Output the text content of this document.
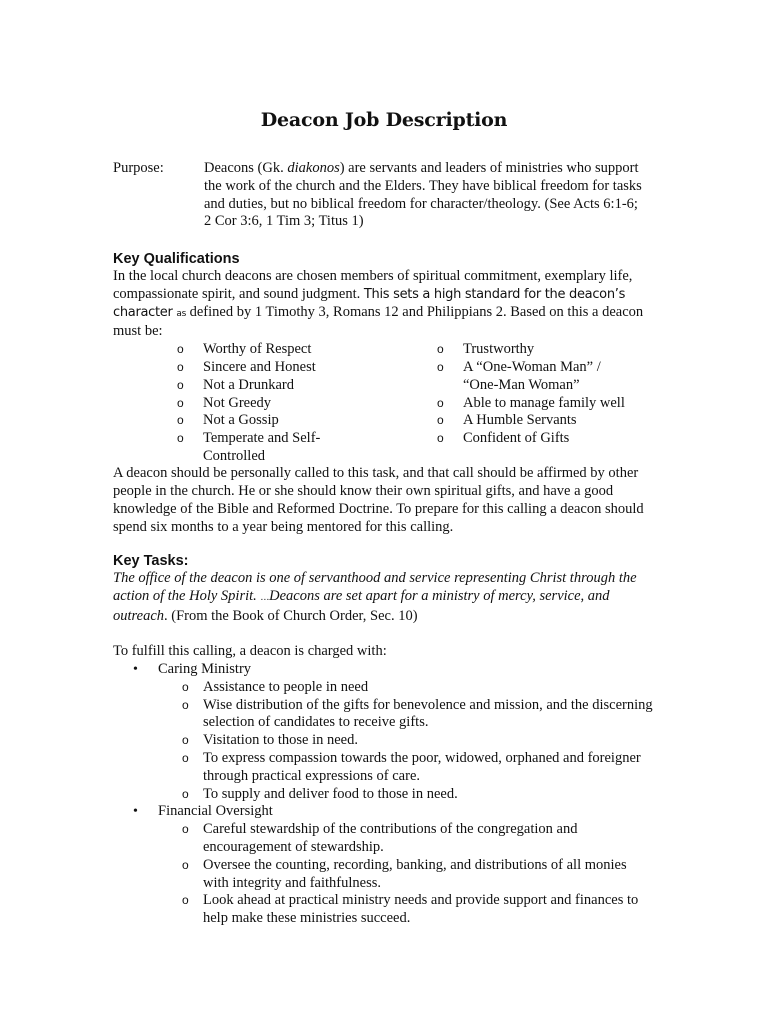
Deacon Job Description
Purpose:	Deacons (Gk. diakonos) are servants and leaders of ministries who support the work of the church and the Elders. They have biblical freedom for tasks and duties, but no biblical freedom for character/theology. (See Acts 6:1-6; 2 Cor 3:6, 1 Tim 3; Titus 1)
Key Qualifications

In the local church deacons are chosen members of spiritual commitment, exemplary life, compassionate spirit, and sound judgment. This sets a high standard for the deacon’s character as defined by 1 Timothy 3, Romans 12 and Philippians 2. Based on this a deacon must be:

o Worthy of Respect
o Sincere and Honest
o Not a Drunkard
o Not Greedy
o Not a Gossip
o Temperate and Self-Controlled
o Trustworthy
o A “One-Woman Man” / “One-Man Woman”
o Able to manage family well
o A Humble Servants
o Confident of Gifts

A deacon should be personally called to this task, and that call should be affirmed by other people in the church. He or she should know their own spiritual gifts, and have a good knowledge of the Bible and Reformed Doctrine. To prepare for this calling a deacon should spend six months to a year being mentored for this calling.

Key Tasks:

The office of the deacon is one of servanthood and service representing Christ through the action of the Holy Spirit. …Deacons are set apart for a ministry of mercy, service, and outreach. (From the Book of Church Order, Sec. 10)

To fulfill this calling, a deacon is charged with:

• Caring Ministry
o Assistance to people in need
o Wise distribution of the gifts for benevolence and mission, and the discerning selection of candidates to receive gifts.
o Visitation to those in need.
o To express compassion towards the poor, widowed, orphaned and foreigner through practical expressions of care.
o To supply and deliver food to those in need.
• Financial Oversight
o Careful stewardship of the contributions of the congregation and encouragement of stewardship.
o Oversee the counting, recording, banking, and distributions of all monies with integrity and faithfulness.
o Look ahead at practical ministry needs and provide support and finances to help make these ministries succeed.
